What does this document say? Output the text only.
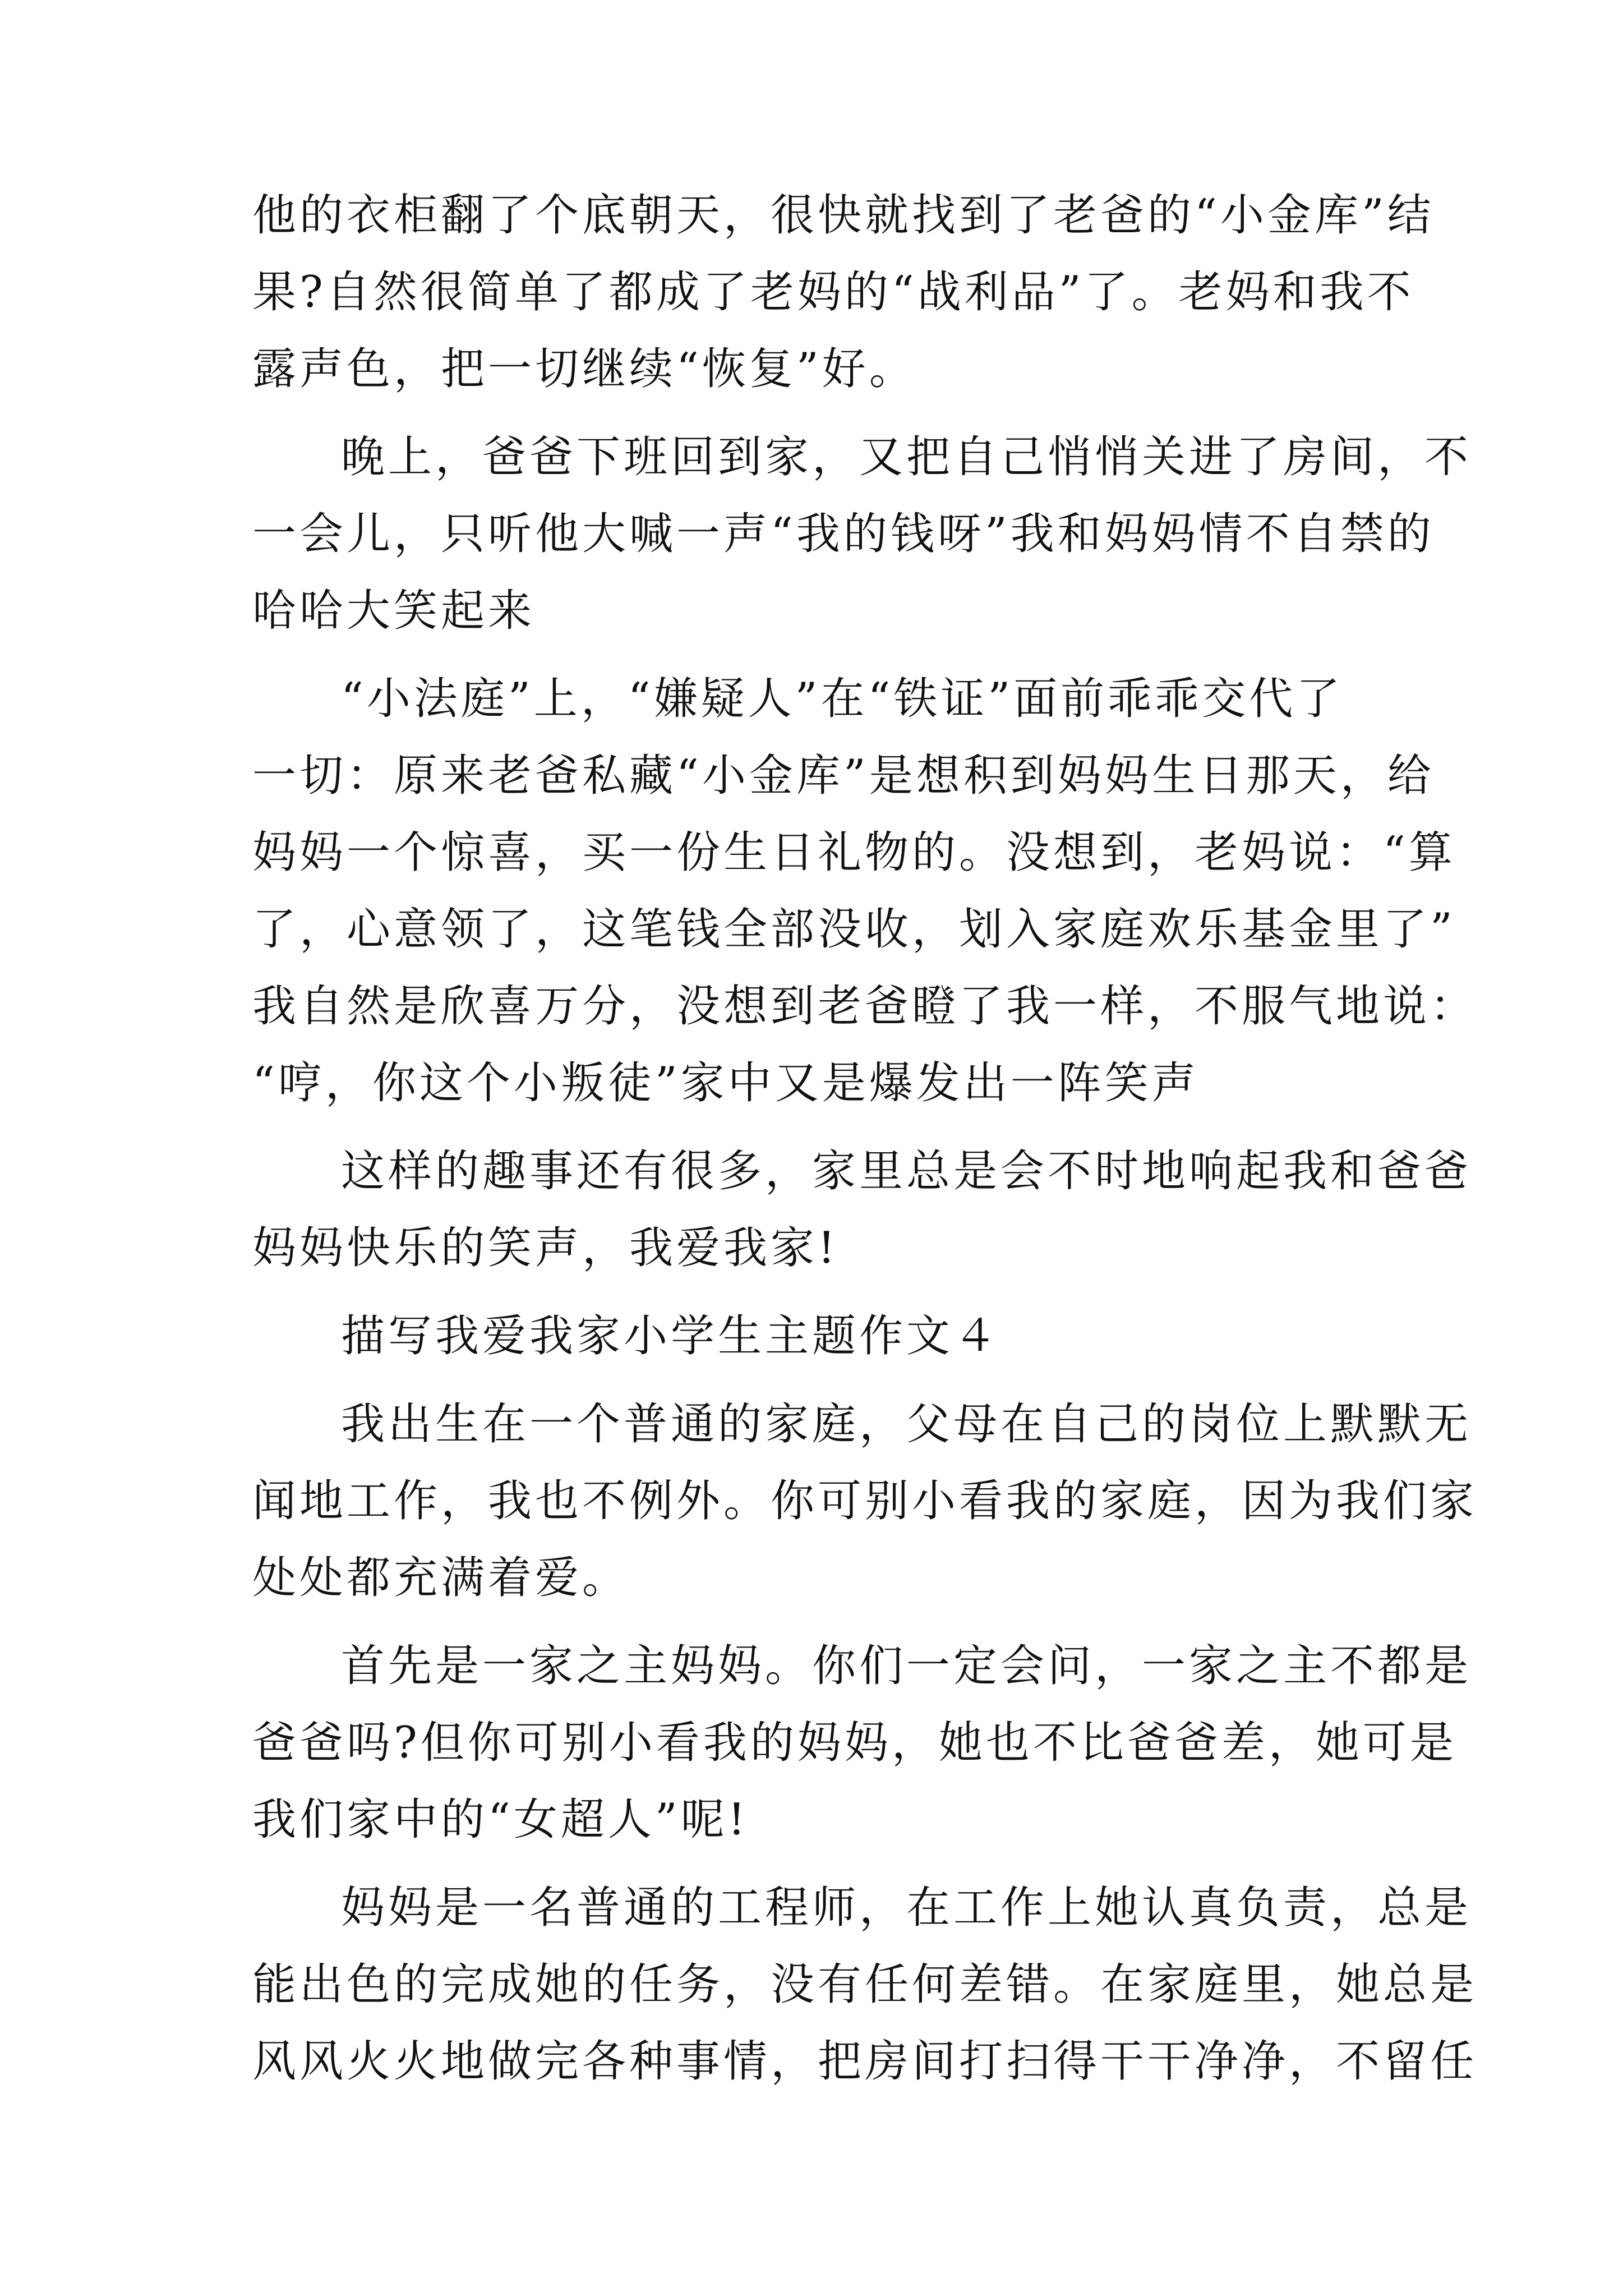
他的衣柜翻了个底朝天，很快就找到了老爸的“小金库”结
果?自然很简单了都成了老妈的“战利品”了。老妈和我不
露声色，把一切继续“恢复”好。
晚上，爸爸下班回到家，又把自己悄悄关进了房间，不
一会儿，只听他大喊一声“我的钱呀”我和妈妈情不自禁的
哈哈大笑起来
“小法庭”上，“嫌疑人”在“铁证”面前乖乖交代了
一切：原来老爸私藏“小金库”是想积到妈妈生日那天，给
妈妈一个惊喜，买一份生日礼物的。没想到，老妈说：“算
了，心意领了，这笔钱全部没收，划入家庭欢乐基金里了”
我自然是欣喜万分，没想到老爸瞪了我一样，不服气地说：
“哼，你这个小叛徒”家中又是爆发出一阵笑声
这样的趣事还有很多，家里总是会不时地响起我和爸爸
妈妈快乐的笑声，我爱我家!
描写我爱我家小学生主题作文４
我出生在一个普通的家庭，父母在自己的岗位上默默无
闻地工作，我也不例外。你可别小看我的家庭，因为我们家
处处都充满着爱。
首先是一家之主妈妈。你们一定会问，一家之主不都是
爸爸吗?但你可别小看我的妈妈，她也不比爸爸差，她可是
我们家中的“女超人”呢!
妈妈是一名普通的工程师，在工作上她认真负责，总是
能出色的完成她的任务，没有任何差错。在家庭里，她总是
风风火火地做完各种事情，把房间打扫得干干净净，不留任
